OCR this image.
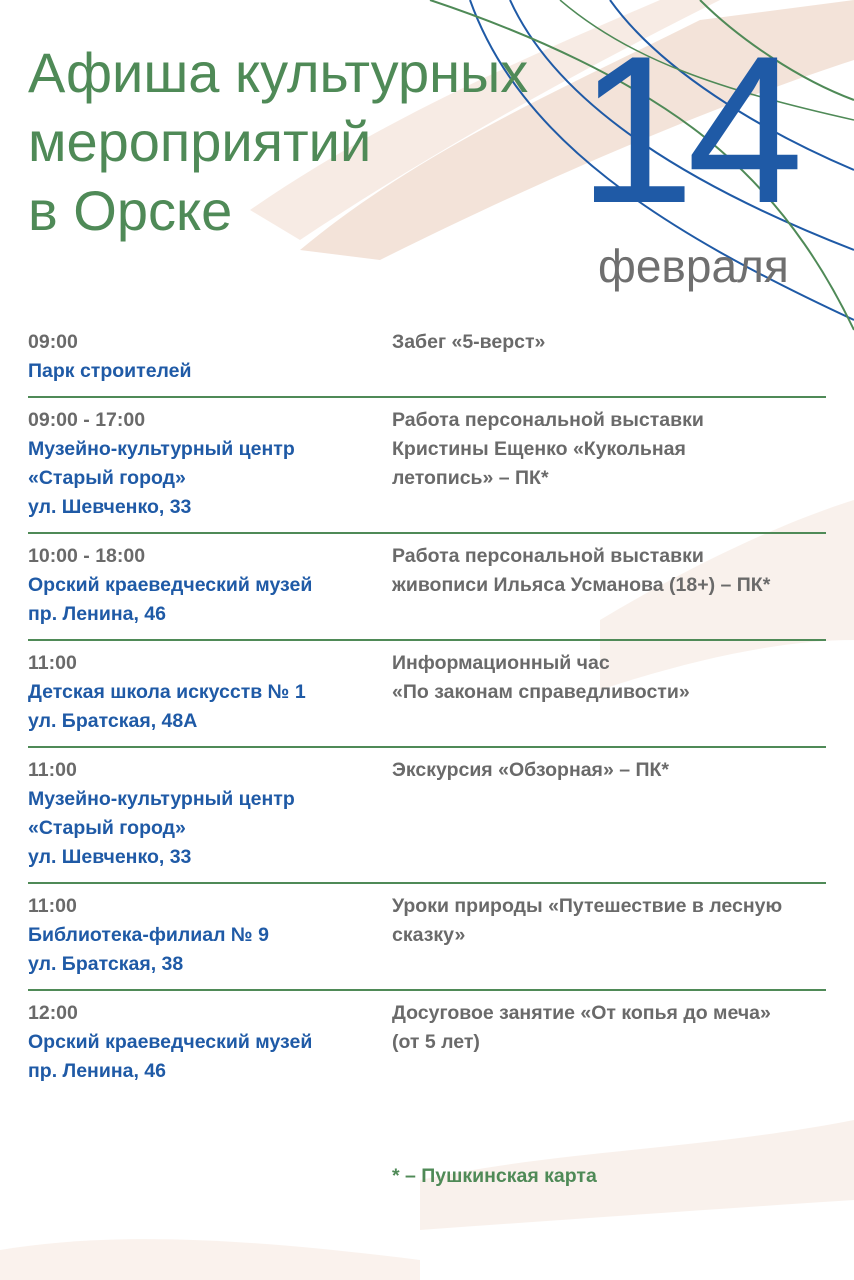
Афиша культурных
мероприятий
в Орске	14
февраля
09:00
Парк строителей
Забег «5-верст»
09:00 - 17:00
Музейно-культурный центр
«Старый город»
ул. Шевченко, 33
Работа персональной выставки
Кристины Ещенко «Кукольная
летопись» – ПК*
10:00 - 18:00
Орский краеведческий музей
пр. Ленина, 46
Работа персональной выставки
живописи Ильяса Усманова (18+) – ПК*
11:00
Детская школа искусств № 1
ул. Братская, 48А
Информационный час
«По законам справедливости»
11:00
Музейно-культурный центр
«Старый город»
ул. Шевченко, 33
Экскурсия «Обзорная» – ПК*
11:00
Библиотека-филиал № 9
ул. Братская, 38
Уроки природы «Путешествие в лесную
сказку»
12:00
Орский краеведческий музей
пр. Ленина, 46
Досуговое занятие «От копья до меча»
(от 5 лет)
* – Пушкинская карта
